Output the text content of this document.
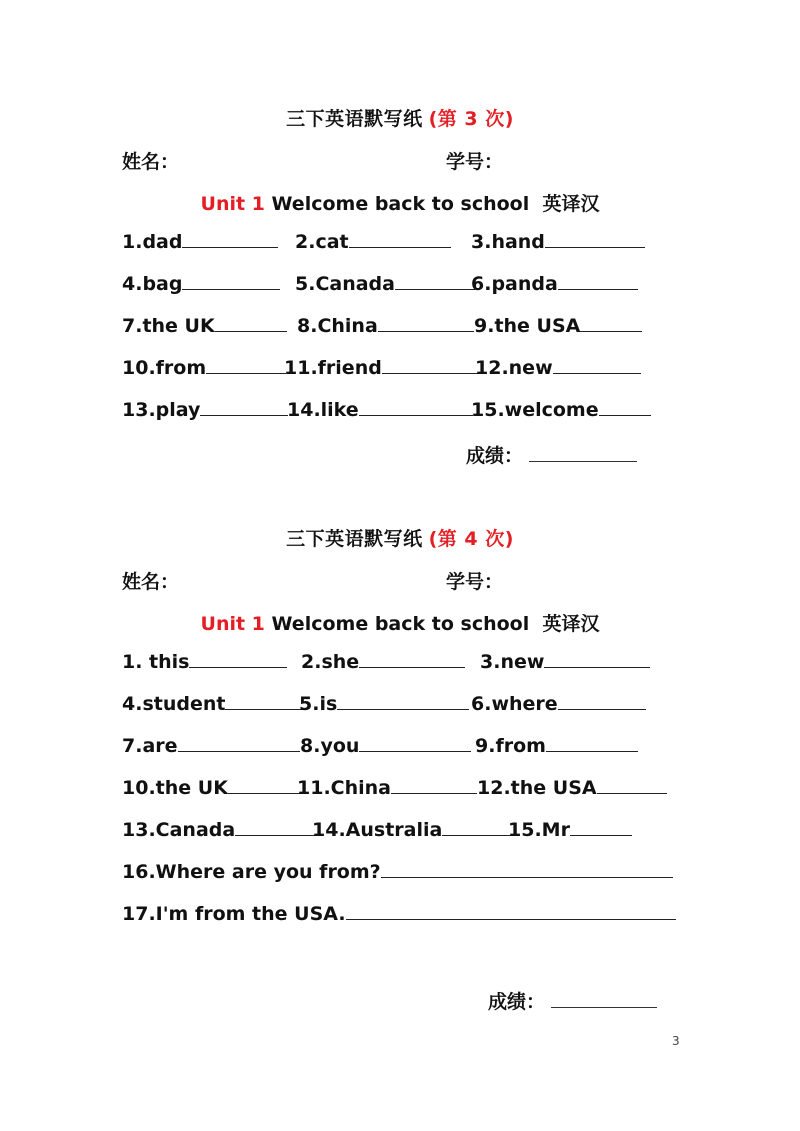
三下英语默写纸 (第 3 次)
姓名：	学号：
Unit 1 Welcome back to school 英译汉
1.dad	2.cat	3.hand
4.bag	5.Canada	6.panda
7.the UK	8.China	9.the USA
10.from	11.friend	12.new
13.play	14.like	15.welcome
成绩：
三下英语默写纸 (第 4 次)
姓名：	学号：
Unit 1 Welcome back to school 英译汉
1. this	2.she	3.new
4.student	5.is	6.where
7.are	8.you	9.from
10.the UK	11.China	12.the USA
13.Canada	14.Australia	15.Mr
16.Where are you from?
17.I'm from the USA.
成绩：
3
